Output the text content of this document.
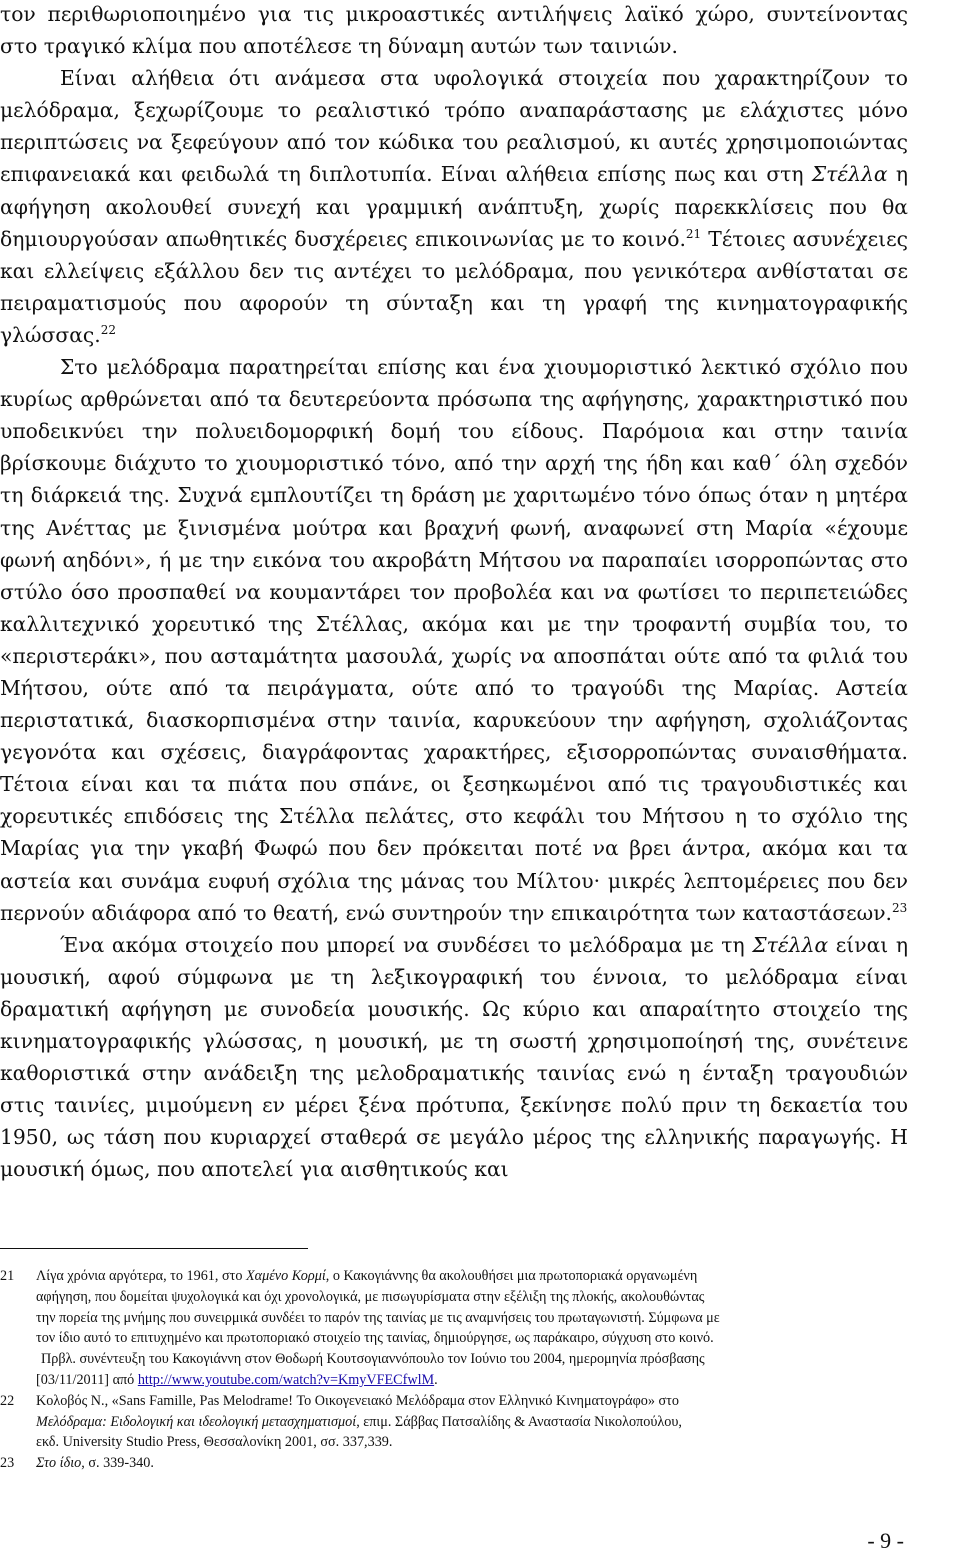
τον περιθωριοποιημένο για τις μικροαστικές αντιλήψεις λαϊκό χώρο, συντείνοντας στο τραγικό κλίμα που αποτέλεσε τη δύναμη αυτών των ταινιών.

Είναι αλήθεια ότι ανάμεσα στα υφολογικά στοιχεία που χαρακτηρίζουν το μελόδραμα, ξεχωρίζουμε το ρεαλιστικό τρόπο αναπαράστασης με ελάχιστες μόνο περιπτώσεις να ξεφεύγουν από τον κώδικα του ρεαλισμού, κι αυτές χρησιμοποιώντας επιφανειακά και φειδωλά τη διπλοτυπία. Είναι αλήθεια επίσης πως και στη Στέλλα η αφήγηση ακολουθεί συνεχή και γραμμική ανάπτυξη, χωρίς παρεκκλίσεις που θα δημιουργούσαν απωθητικές δυσχέρειες επικοινωνίας με το κοινό.$^{21}$ Τέτοιες ασυνέχειες και ελλείψεις εξάλλου δεν τις αντέχει το μελόδραμα, που γενικότερα ανθίσταται σε πειραματισμούς που αφορούν τη σύνταξη και τη γραφή της κινηματογραφικής γλώσσας.$^{22}$

Στο μελόδραμα παρατηρείται επίσης και ένα χιουμοριστικό λεκτικό σχόλιο που κυρίως αρθρώνεται από τα δευτερεύοντα πρόσωπα της αφήγησης, χαρακτηριστικό που υποδεικνύει την πολυειδομορφική δομή του είδους. Παρόμοια και στην ταινία βρίσκουμε διάχυτο το χιουμοριστικό τόνο, από την αρχή της ήδη και καθ΄ όλη σχεδόν τη διάρκειά της. Συχνά εμπλουτίζει τη δράση με χαριτωμένο τόνο όπως όταν η μητέρα της Ανέττας με ξινισμένα μούτρα και βραχνή φωνή, αναφωνεί στη Μαρία «έχουμε φωνή αηδόνι», ή με την εικόνα του ακροβάτη Μήτσου να παραπαίει ισορροπώντας στο στύλο όσο προσπαθεί να κουμαντάρει τον προβολέα και να φωτίσει το περιπετειώδες καλλιτεχνικό χορευτικό της Στέλλας, ακόμα και με την τροφαντή συμβία του, το «περιστεράκι», που ασταμάτητα μασουλά, χωρίς να αποσπάται ούτε από τα φιλιά του Μήτσου, ούτε από τα πειράγματα, ούτε από το τραγούδι της Μαρίας. Αστεία περιστατικά, διασκορπισμένα στην ταινία, καρυκεύουν την αφήγηση, σχολιάζοντας γεγονότα και σχέσεις, διαγράφοντας χαρακτήρες, εξισορροπώντας συναισθήματα. Τέτοια είναι και τα πιάτα που σπάνε, οι ξεσηκωμένοι από τις τραγουδιστικές και χορευτικές επιδόσεις της Στέλλα πελάτες, στο κεφάλι του Μήτσου η το σχόλιο της Μαρίας για την γκαβή Φωφώ που δεν πρόκειται ποτέ να βρει άντρα, ακόμα και τα αστεία και συνάμα ευφυή σχόλια της μάνας του Μίλτου· μικρές λεπτομέρειες που δεν περνούν αδιάφορα από το θεατή, ενώ συντηρούν την επικαιρότητα των καταστάσεων.$^{23}$

Ένα ακόμα στοιχείο που μπορεί να συνδέσει το μελόδραμα με τη Στέλλα είναι η μουσική, αφού σύμφωνα με τη λεξικογραφική του έννοια, το μελόδραμα είναι δραματική αφήγηση με συνοδεία μουσικής. Ως κύριο και απαραίτητο στοιχείο της κινηματογραφικής γλώσσας, η μουσική, με τη σωστή χρησιμοποίησή της, συνέτεινε καθοριστικά στην ανάδειξη της μελοδραματικής ταινίας ενώ η ένταξη τραγουδιών στις ταινίες, μιμούμενη εν μέρει ξένα πρότυπα, ξεκίνησε πολύ πριν τη δεκαετία του 1950, ως τάση που κυριαρχεί σταθερά σε μεγάλο μέρος της ελληνικής παραγωγής. Η μουσική όμως, που αποτελεί για αισθητικούς και

21	Λίγα χρόνια αργότερα, το 1961, στο Χαμένο Κορμί, ο Κακογιάννης θα ακολουθήσει μια πρωτοποριακά οργανωμένη
αφήγηση, που δομείται ψυχολογικά και όχι χρονολογικά, με πισωγυρίσματα στην εξέλιξη της πλοκής, ακολουθώντας
την πορεία της μνήμης που συνειρμικά συνδέει το παρόν της ταινίας με τις αναμνήσεις του πρωταγωνιστή. Σύμφωνα με
τον ίδιο αυτό το επιτυχημένο και πρωτοποριακό στοιχείο της ταινίας, δημιούργησε, ως παράκαιρο, σύγχυση στο κοινό.
Πρβλ. συνέντευξη του Κακογιάννη στον Θοδωρή Κουτσογιαννόπουλο τον Ιούνιο του 2004, ημερομηνία πρόσβασης
[03/11/2011] από http://www.youtube.com/watch?v=KmyVFECfwlM.
22	Κολοβός N., «Sans Famille, Pas Melodrame! Το Οικογενειακό Μελόδραμα στον Ελληνικό Κινηματογράφο» στο
Μελόδραμα: Ειδολογική και ιδεολογική μετασχηματισμοί, επιμ. Σάββας Πατσαλίδης & Αναστασία Νικολοπούλου,
εκδ. University Studio Press, Θεσσαλονίκη 2001, σσ. 337,339.
23	Στο ίδιο, σ. 339-340.
- 9 -
